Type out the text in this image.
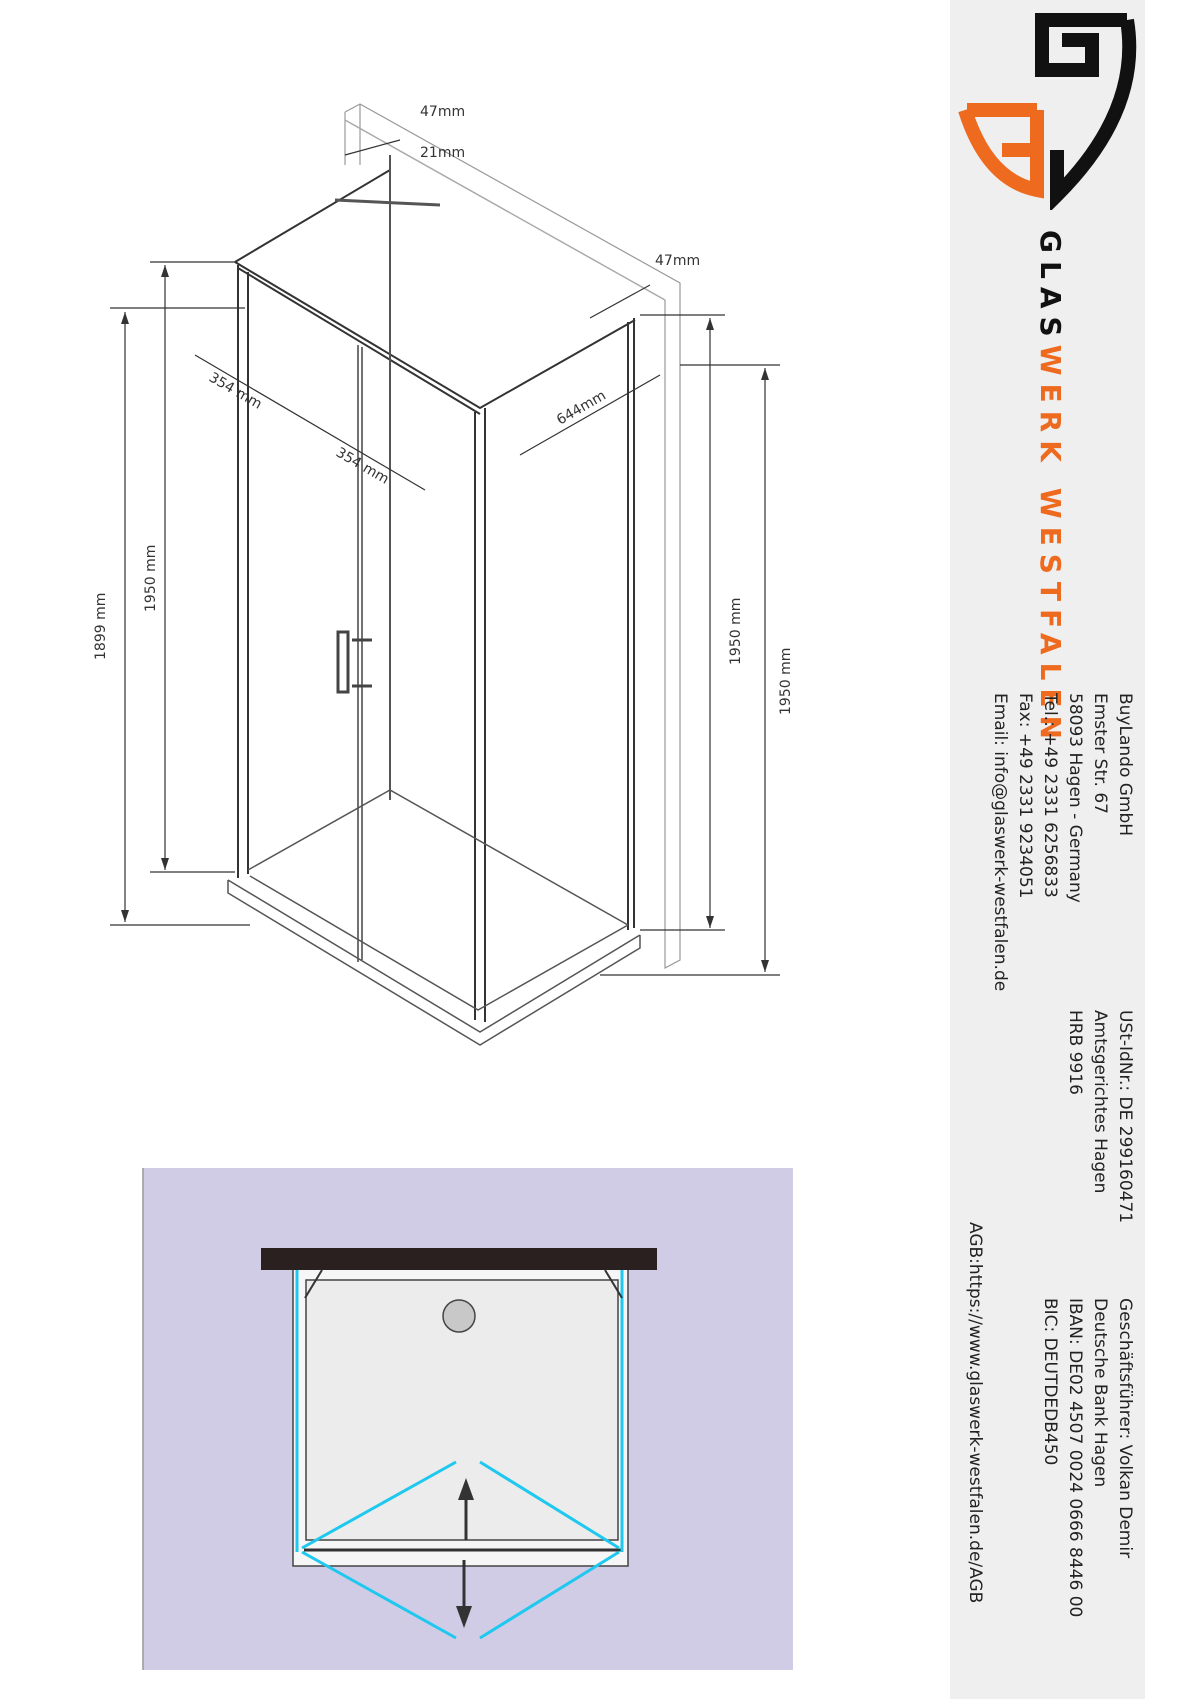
47mm
21mm
47mm
354 mm
354 mm
644mm
1899 mm
1950 mm
1950 mm
1950 mm
GLASWERK WESTFALEN
BuyLando GmbH
Emster Str. 67
58093 Hagen - Germany
Tel.: +49 2331 6256833
Fax: +49 2331 9234051
Email: info@glaswerk-westfalen.de
USt-IdNr.: DE 299160471
Amtsgerichtes Hagen
HRB 9916
Geschäftsführer: Volkan Demir
Deutsche Bank Hagen
IBAN: DE02 4507 0024 0666 8446 00
BIC: DEUTDEDB450
AGB:https://www.glaswerk-westfalen.de/AGB
